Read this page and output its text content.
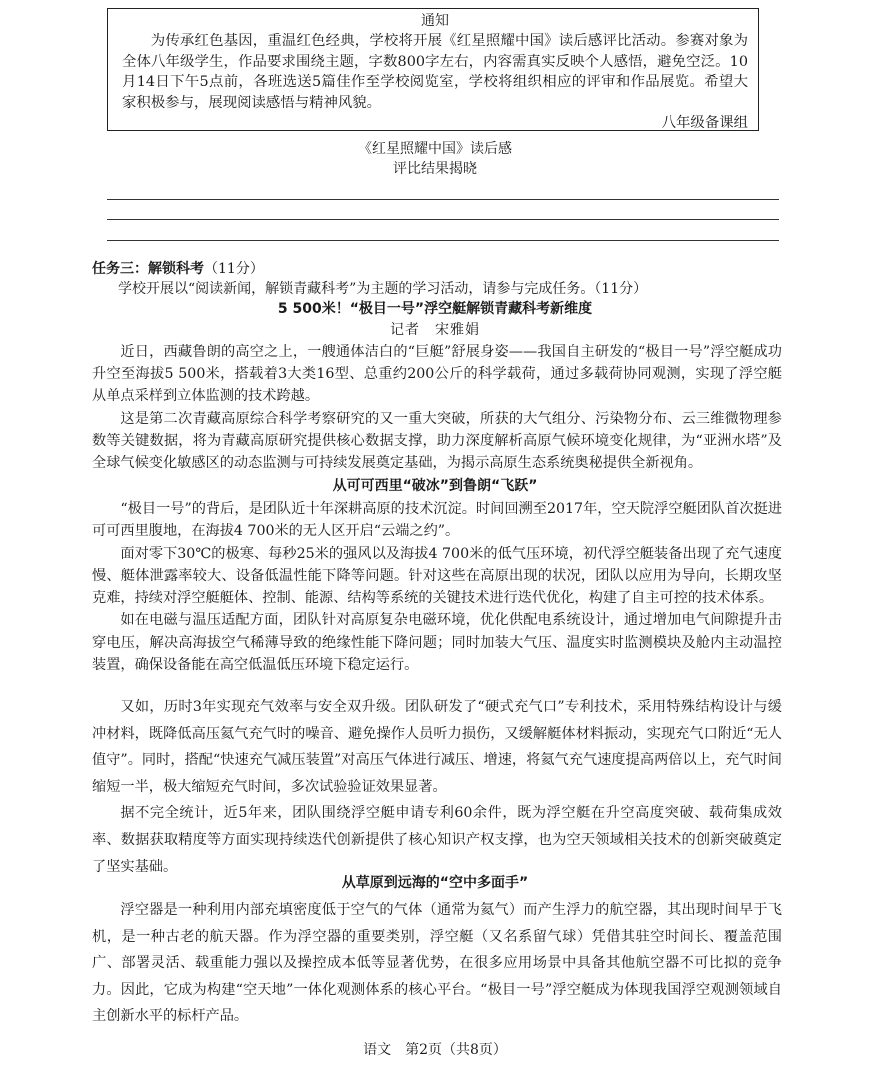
通知

为传承红色基因，重温红色经典，学校将开展《红星照耀中国》读后感评比活动。参赛对象为全体八年级学生，作品要求围绕主题，字数800字左右，内容需真实反映个人感悟，避免空泛。10月14日下午5点前，各班选送5篇佳作至学校阅览室，学校将组织相应的评审和作品展览。希望大家积极参与，展现阅读感悟与精神风貌。

八年级备课组
《红星照耀中国》读后感
评比结果揭晓
任务三：解锁科考（11分）
学校开展以“阅读新闻，解锁青藏科考”为主题的学习活动，请参与完成任务。（11分）
5 500米！“极目一号”浮空艇解锁青藏科考新维度
记者　宋雅娟

近日，西藏鲁朗的高空之上，一艘通体洁白的“巨艇”舒展身姿——我国自主研发的“极目一号”浮空艇成功升空至海拔5 500米，搭载着3大类16型、总重约200公斤的科学载荷，通过多载荷协同观测，实现了浮空艇从单点采样到立体监测的技术跨越。

这是第二次青藏高原综合科学考察研究的又一重大突破，所获的大气组分、污染物分布、云三维微物理参数等关键数据，将为青藏高原研究提供核心数据支撑，助力深度解析高原气候环境变化规律，为“亚洲水塔”及全球气候变化敏感区的动态监测与可持续发展奠定基础，为揭示高原生态系统奥秘提供全新视角。

从可可西里“破冰”到鲁朗“飞跃”

“极目一号”的背后，是团队近十年深耕高原的技术沉淀。时间回溯至2017年，空天院浮空艇团队首次挺进可可西里腹地，在海拔4 700米的无人区开启“云端之约”。

面对零下30℃的极寒、每秒25米的强风以及海拔4 700米的低气压环境，初代浮空艇装备出现了充气速度慢、艇体泄露率较大、设备低温性能下降等问题。针对这些在高原出现的状况，团队以应用为导向，长期攻坚克难，持续对浮空艇艇体、控制、能源、结构等系统的关键技术进行迭代优化，构建了自主可控的技术体系。

如在电磁与温压适配方面，团队针对高原复杂电磁环境，优化供配电系统设计，通过增加电气间隙提升击穿电压，解决高海拔空气稀薄导致的绝缘性能下降问题；同时加装大气压、温度实时监测模块及舱内主动温控装置，确保设备能在高空低温低压环境下稳定运行。

又如，历时3年实现充气效率与安全双升级。团队研发了“硬式充气口”专利技术，采用特殊结构设计与缓冲材料，既降低高压氦气充气时的噪音、避免操作人员听力损伤，又缓解艇体材料振动，实现充气口附近“无人值守”。同时，搭配“快速充气减压装置”对高压气体进行减压、增速，将氦气充气速度提高两倍以上，充气时间缩短一半，极大缩短充气时间，多次试验验证效果显著。

据不完全统计，近5年来，团队围绕浮空艇申请专利60余件，既为浮空艇在升空高度突破、载荷集成效率、数据获取精度等方面实现持续迭代创新提供了核心知识产权支撑，也为空天领域相关技术的创新突破奠定了坚实基础。

从草原到远海的“空中多面手”

浮空器是一种利用内部充填密度低于空气的气体（通常为氦气）而产生浮力的航空器，其出现时间早于飞机，是一种古老的航天器。作为浮空器的重要类别，浮空艇（又名系留气球）凭借其驻空时间长、覆盖范围广、部署灵活、载重能力强以及操控成本低等显著优势，在很多应用场景中具备其他航空器不可比拟的竞争力。因此，它成为构建“空天地”一体化观测体系的核心平台。“极目一号”浮空艇成为体现我国浮空观测领域自主创新水平的标杆产品。

语文　第2页（共8页）
